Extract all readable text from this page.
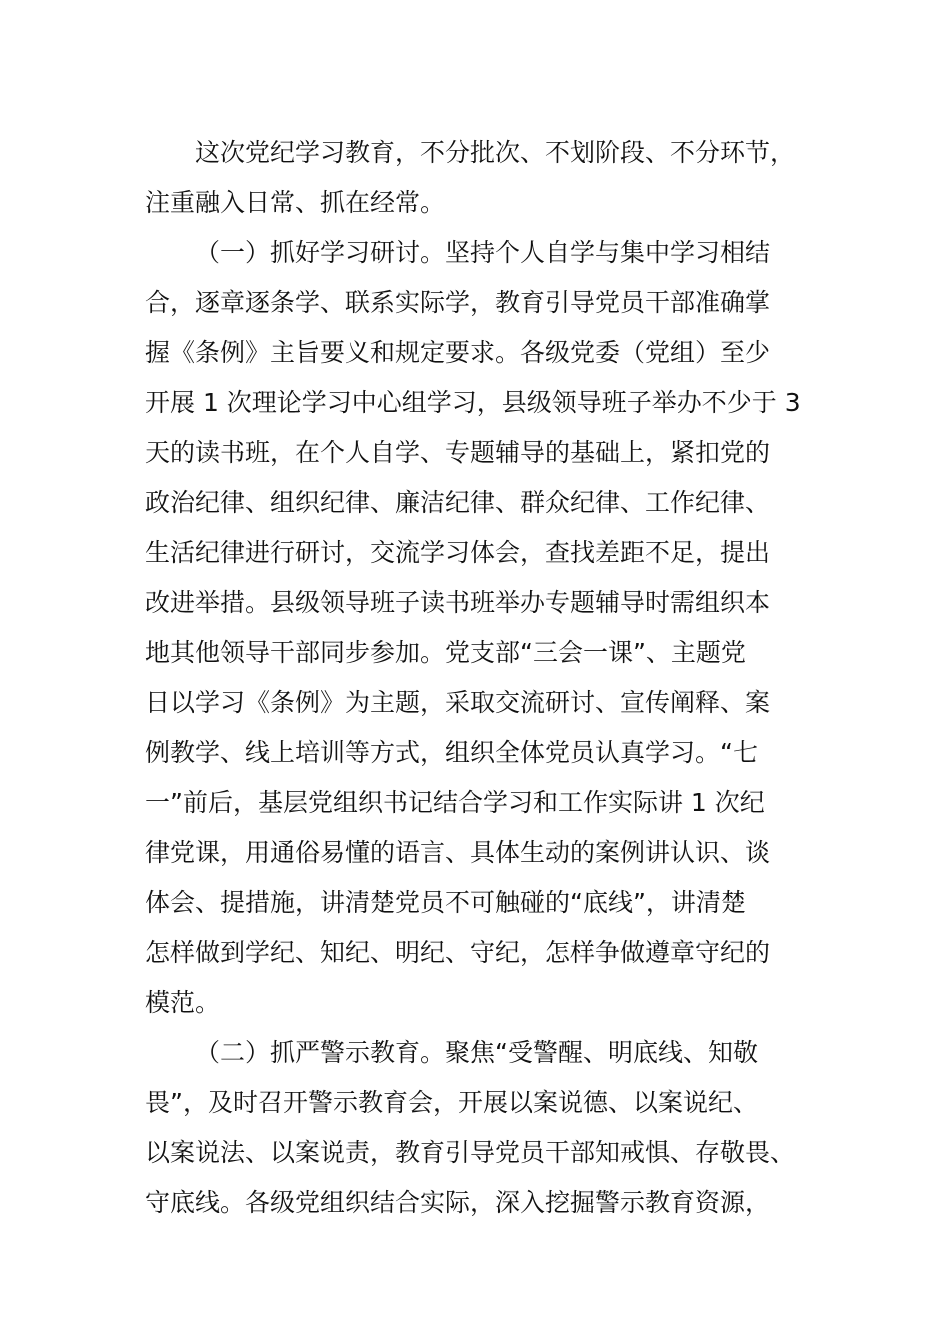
这次党纪学习教育，不分批次、不划阶段、不分环节，
注重融入日常、抓在经常。
（一）抓好学习研讨。坚持个人自学与集中学习相结
合，逐章逐条学、联系实际学，教育引导党员干部准确掌
握《条例》主旨要义和规定要求。各级党委（党组）至少
开展 1 次理论学习中心组学习，县级领导班子举办不少于 3
天的读书班，在个人自学、专题辅导的基础上，紧扣党的
政治纪律、组织纪律、廉洁纪律、群众纪律、工作纪律、
生活纪律进行研讨，交流学习体会，查找差距不足，提出
改进举措。县级领导班子读书班举办专题辅导时需组织本
地其他领导干部同步参加。党支部“三会一课”、主题党
日以学习《条例》为主题，采取交流研讨、宣传阐释、案
例教学、线上培训等方式，组织全体党员认真学习。“七
一”前后，基层党组织书记结合学习和工作实际讲 1 次纪
律党课，用通俗易懂的语言、具体生动的案例讲认识、谈
体会、提措施，讲清楚党员不可触碰的“底线”，讲清楚
怎样做到学纪、知纪、明纪、守纪，怎样争做遵章守纪的
模范。
（二）抓严警示教育。聚焦“受警醒、明底线、知敬
畏”，及时召开警示教育会，开展以案说德、以案说纪、
以案说法、以案说责，教育引导党员干部知戒惧、存敬畏、
守底线。各级党组织结合实际，深入挖掘警示教育资源，
